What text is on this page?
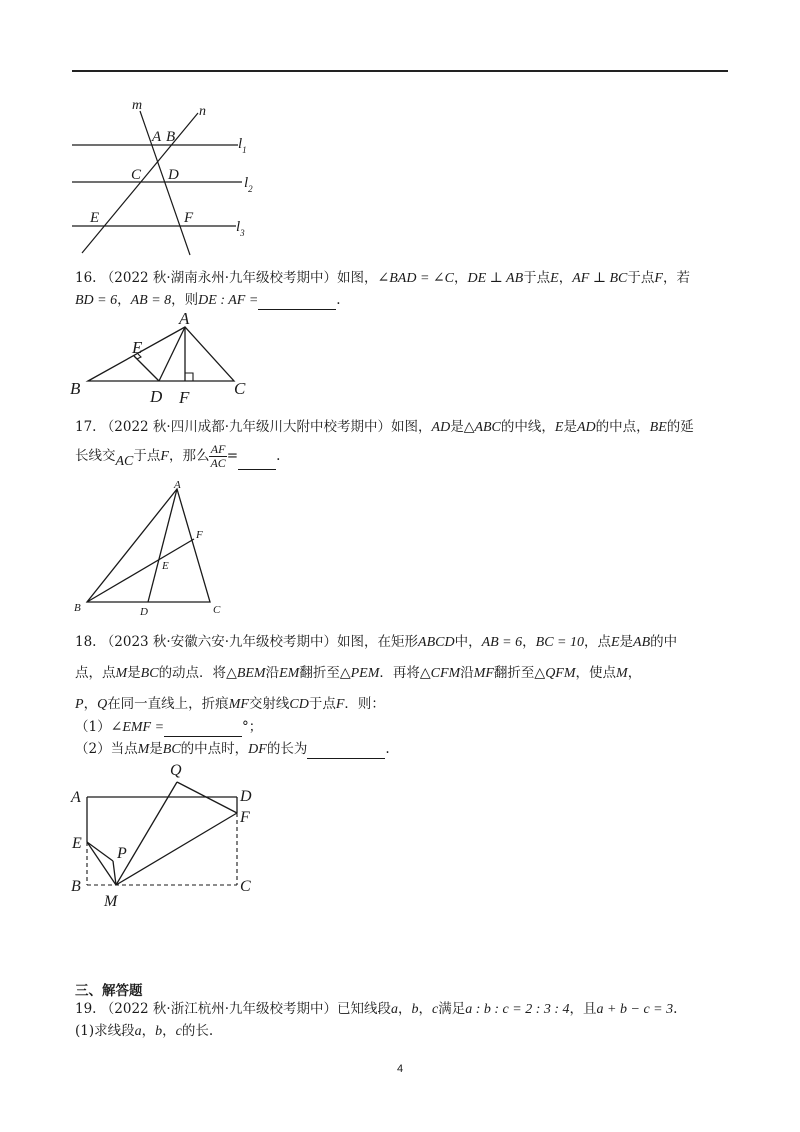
m	n
A B
C D
E	F
$l_1$
$l_2$
$l_3$
16. （2022 秋·湖南永州·九年级校考期中）如图，∠BAD = ∠C，DE ⊥ AB于点E，AF ⊥ BC于点F，若
BD = 6，AB = 8，则DE : AF =	.
A
B	C
D
E
F
17. （2022 秋·四川成都·九年级川大附中校考期中）如图，AD是△ABC的中线，E是AD的中点，BE的延
长线交AC于点F，那么 $\frac{AF}{AC}$ =	.
A
B	C
D
E
F
18. （2023 秋·安徽六安·九年级校考期中）如图，在矩形ABCD中，AB = 6，BC = 10，点E是AB的中
点，点M是BC的动点．将△BEM沿EM翻折至△PEM．再将△CFM沿MF翻折至△QFM，使点M，
P，Q在同一直线上，折痕MF交射线CD于点F．则：
（1）∠EMF =	°；
（2）当点M是BC的中点时，DF的长为	.
A	D
Q
F
E
P
B	C
M
三、解答题
19. （2022 秋·浙江杭州·九年级校考期中）已知线段a，b，c满足a : b : c = 2 : 3 : 4，且a + b − c = 3.
(1)求线段a，b，c的长.
4
